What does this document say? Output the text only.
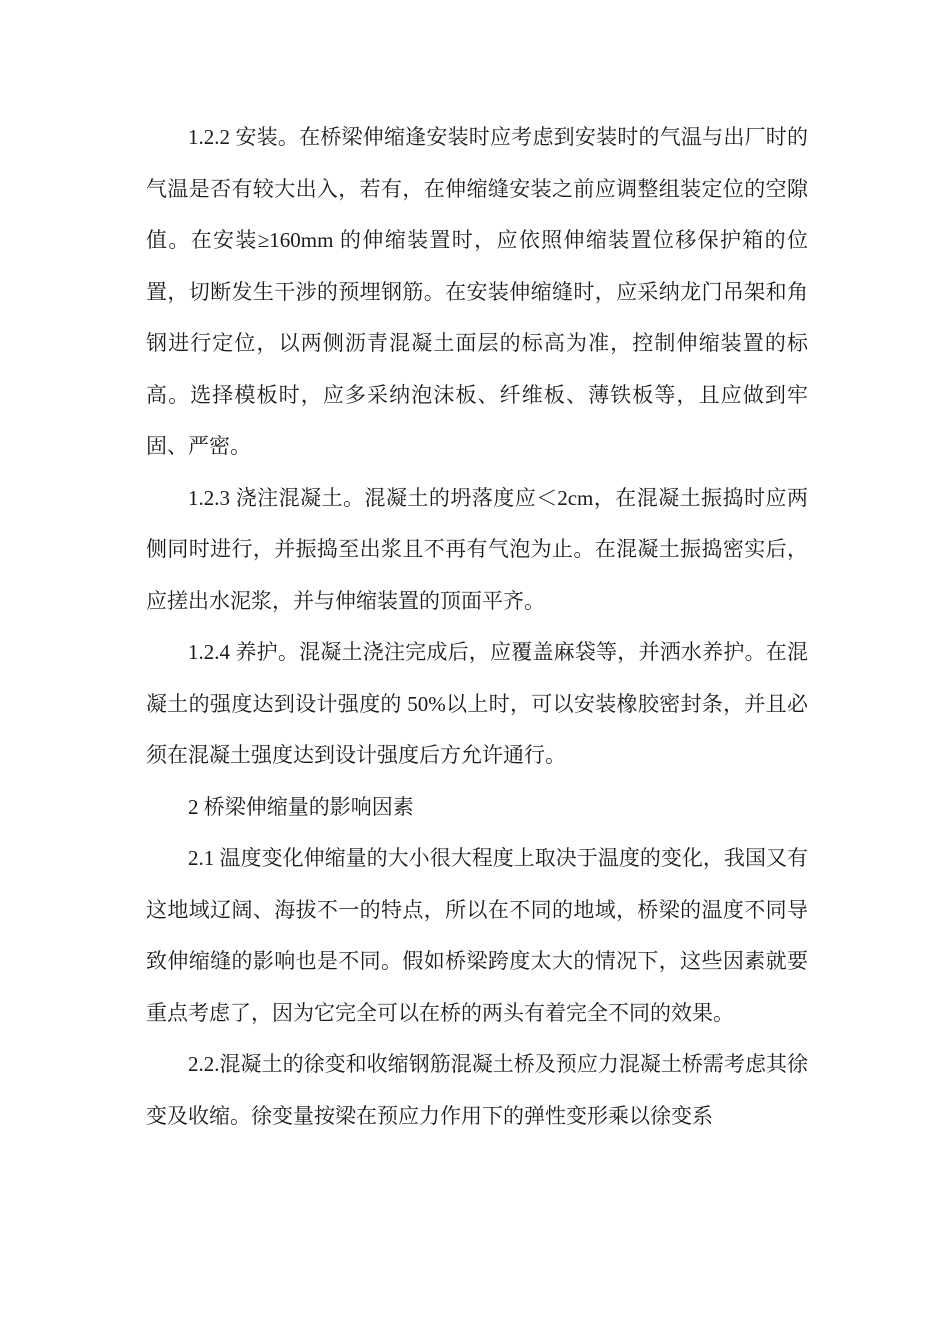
1.2.2 安装。在桥梁伸缩逢安装时应考虑到安装时的气温与出厂时的气温是否有较大出入，若有，在伸缩缝安装之前应调整组装定位的空隙值。在安装≥160mm 的伸缩装置时，应依照伸缩装置位移保护箱的位置，切断发生干涉的预埋钢筋。在安装伸缩缝时，应采纳龙门吊架和角钢进行定位，以两侧沥青混凝土面层的标高为准，控制伸缩装置的标高。选择模板时，应多采纳泡沫板、纤维板、薄铁板等，且应做到牢固、严密。

1.2.3 浇注混凝土。混凝土的坍落度应＜2cm，在混凝土振捣时应两侧同时进行，并振捣至出浆且不再有气泡为止。在混凝土振捣密实后，应搓出水泥浆，并与伸缩装置的顶面平齐。

1.2.4 养护。混凝土浇注完成后，应覆盖麻袋等，并洒水养护。在混凝土的强度达到设计强度的 50%以上时，可以安装橡胶密封条，并且必须在混凝土强度达到设计强度后方允许通行。

2 桥梁伸缩量的影响因素

2.1 温度变化伸缩量的大小很大程度上取决于温度的变化，我国又有这地域辽阔、海拔不一的特点，所以在不同的地域，桥梁的温度不同导致伸缩缝的影响也是不同。假如桥梁跨度太大的情况下，这些因素就要重点考虑了，因为它完全可以在桥的两头有着完全不同的效果。

2.2.混凝土的徐变和收缩钢筋混凝土桥及预应力混凝土桥需考虑其徐变及收缩。徐变量按梁在预应力作用下的弹性变形乘以徐变系
